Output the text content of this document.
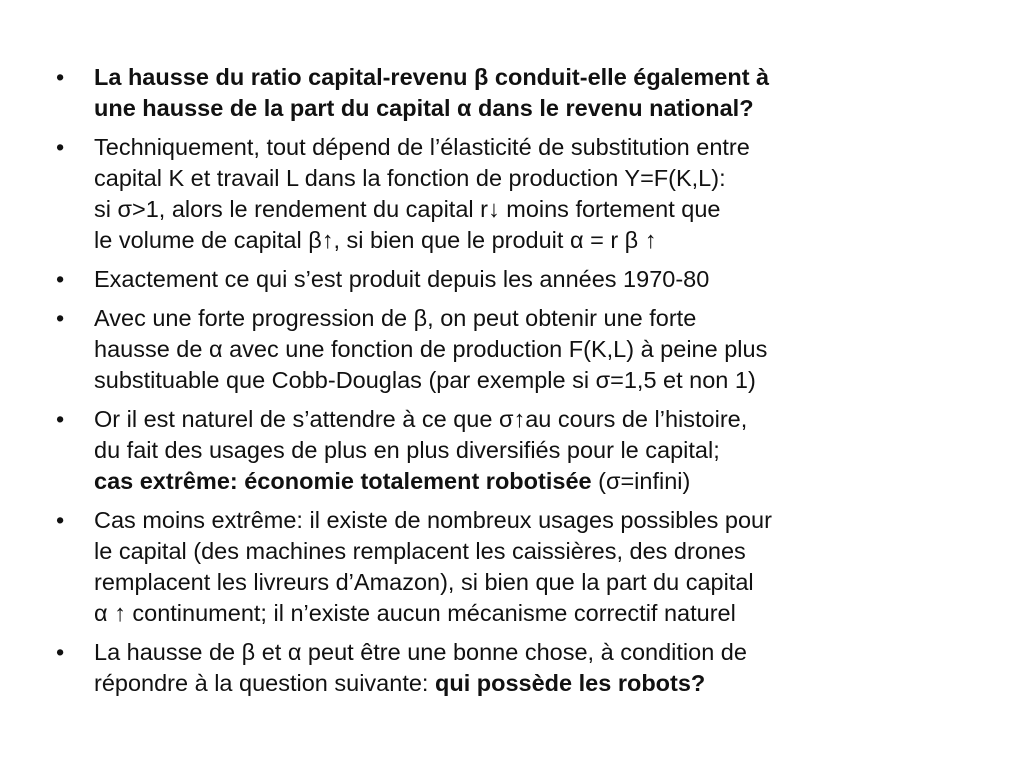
• La hausse du ratio capital-revenu β conduit-elle également à
une hausse de la part du capital α dans le revenu national?
• Techniquement, tout dépend de l’élasticité de substitution entre
capital K et travail L dans la fonction de production Y=F(K,L):
si σ>1, alors le rendement du capital r↓ moins fortement que
le volume de capital β↑, si bien que le produit α = r β ↑
• Exactement ce qui s’est produit depuis les années 1970-80
• Avec une forte progression de β, on peut obtenir une forte
hausse de α avec une fonction de production F(K,L) à peine plus
substituable que Cobb-Douglas (par exemple si σ=1,5 et non 1)
• Or il est naturel de s’attendre à ce que σ↑au cours de l’histoire,
du fait des usages de plus en plus diversifiés pour le capital;
cas extrême: économie totalement robotisée (σ=infini)
• Cas moins extrême: il existe de nombreux usages possibles pour
le capital (des machines remplacent les caissières, des drones
remplacent les livreurs d’Amazon), si bien que la part du capital
α ↑ continument; il n’existe aucun mécanisme correctif naturel
• La hausse de β et α peut être une bonne chose, à condition de
répondre à la question suivante: qui possède les robots?
